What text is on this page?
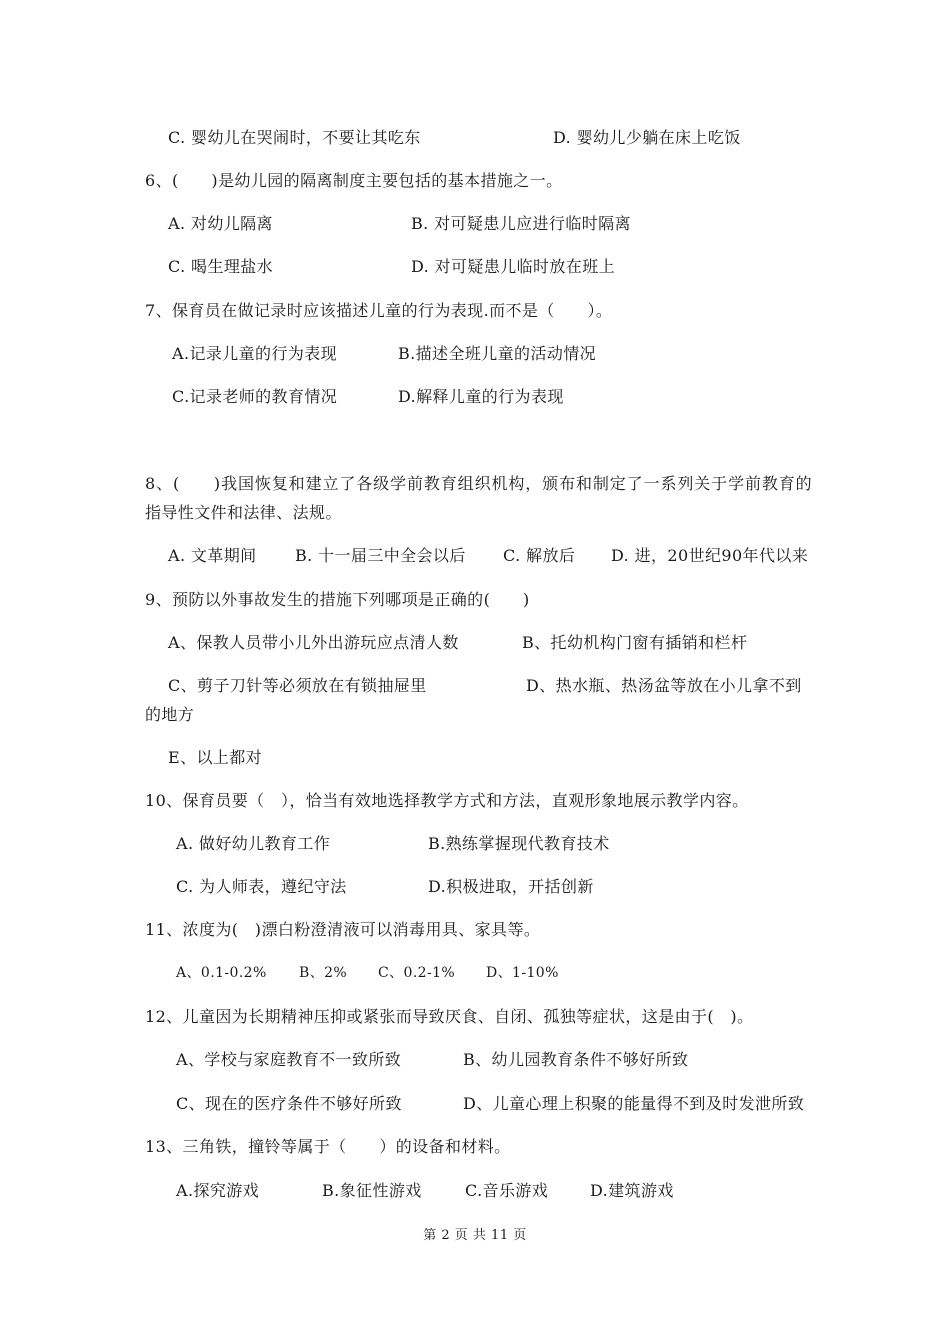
C. 婴幼儿在哭闹时，不要让其吃东	D. 婴幼儿少躺在床上吃饭
6、(　　)是幼儿园的隔离制度主要包括的基本措施之一。
A. 对幼儿隔离	B. 对可疑患儿应进行临时隔离
C. 喝生理盐水	D. 对可疑患儿临时放在班上
7、保育员在做记录时应该描述儿童的行为表现.而不是（　　）。
A.记录儿童的行为表现	B.描述全班儿童的活动情况
C.记录老师的教育情况	D.解释儿童的行为表现
8、(　　)我国恢复和建立了各级学前教育组织机构，颁布和制定了一系列关于学前教育的
指导性文件和法律、法规。
A. 文革期间 B. 十一届三中全会以后 C. 解放后 D. 进，20世纪90年代以来
9、预防以外事故发生的措施下列哪项是正确的(　　)
A、保教人员带小儿外出游玩应点清人数	B、托幼机构门窗有插销和栏杆
C、剪子刀针等必须放在有锁抽屉里	D、热水瓶、热汤盆等放在小儿拿不到
的地方
E、以上都对
10、保育员要（　），恰当有效地选择教学方式和方法，直观形象地展示教学内容。
A. 做好幼儿教育工作	B.熟练掌握现代教育技术
C. 为人师表，遵纪守法	D.积极进取，开括创新
11、浓度为(　)漂白粉澄清液可以消毒用具、家具等。
A、0.1-0.2% B、2% C、0.2-1% D、1-10%
12、儿童因为长期精神压抑或紧张而导致厌食、自闭、孤独等症状，这是由于(　)。
A、学校与家庭教育不一致所致	B、幼儿园教育条件不够好所致
C、现在的医疗条件不够好所致	D、儿童心理上积聚的能量得不到及时发泄所致
13、三角铁，撞铃等属于（　　）的设备和材料。
A.探究游戏	B.象征性游戏	C.音乐游戏	D.建筑游戏
第 2 页 共 11 页
